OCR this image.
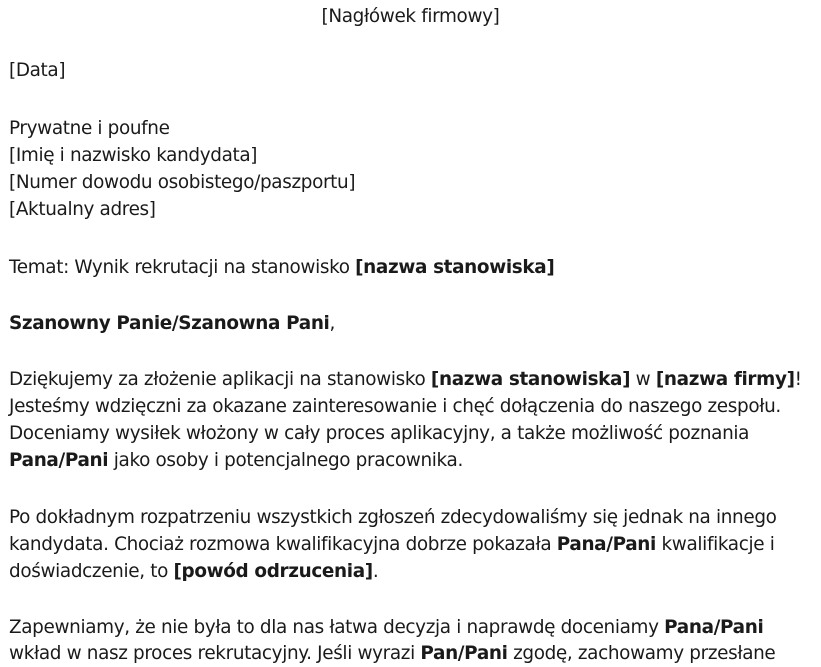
[Nagłówek firmowy]
[Data]
Prywatne i poufne
[Imię i nazwisko kandydata]
[Numer dowodu osobistego/paszportu]
[Aktualny adres]
Temat: Wynik rekrutacji na stanowisko [nazwa stanowiska]
Szanowny Panie/Szanowna Pani,
Dziękujemy za złożenie aplikacji na stanowisko [nazwa stanowiska] w [nazwa firmy]!
Jesteśmy wdzięczni za okazane zainteresowanie i chęć dołączenia do naszego zespołu.
Doceniamy wysiłek włożony w cały proces aplikacyjny, a także możliwość poznania
Pana/Pani jako osoby i potencjalnego pracownika.
Po dokładnym rozpatrzeniu wszystkich zgłoszeń zdecydowaliśmy się jednak na innego
kandydata. Chociaż rozmowa kwalifikacyjna dobrze pokazała Pana/Pani kwalifikacje i
doświadczenie, to [powód odrzucenia].
Zapewniamy, że nie była to dla nas łatwa decyzja i naprawdę doceniamy Pana/Pani
wkład w nasz proces rekrutacyjny. Jeśli wyrazi Pan/Pani zgodę, zachowamy przesłane
